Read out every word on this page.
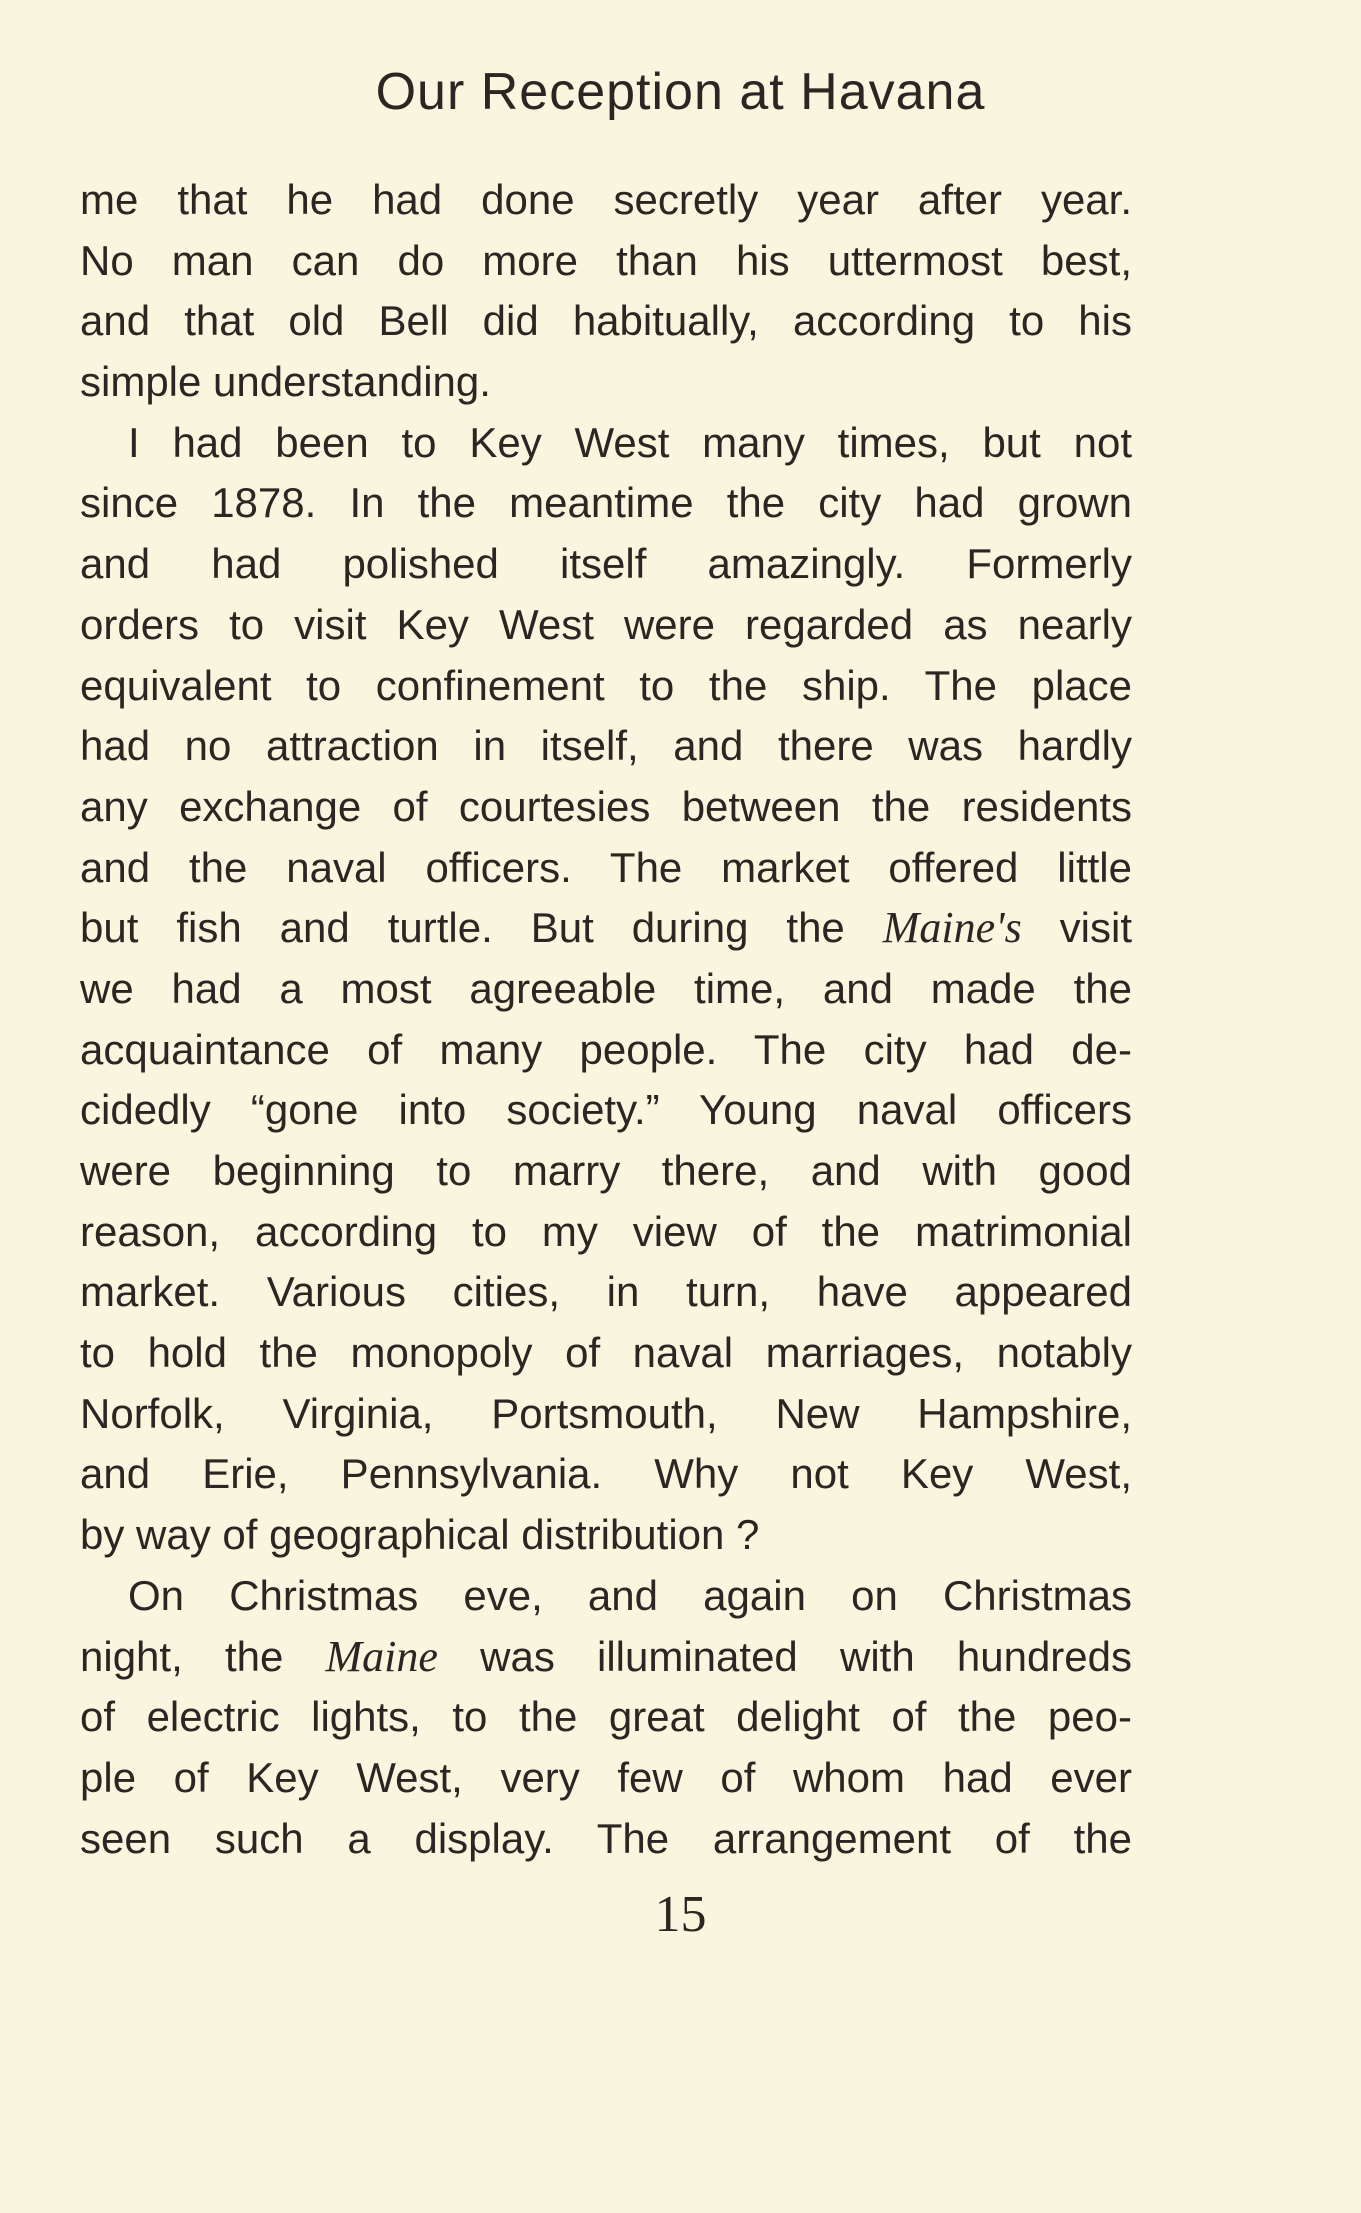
Our Reception at Havana
me that he had done secretly year after year.
No man can do more than his uttermost best,
and that old Bell did habitually, according to his
simple understanding.
I had been to Key West many times, but not
since 1878. In the meantime the city had grown
and had polished itself amazingly. Formerly
orders to visit Key West were regarded as nearly
equivalent to confinement to the ship. The place
had no attraction in itself, and there was hardly
any exchange of courtesies between the residents
and the naval officers. The market offered little
but fish and turtle. But during the Maine's visit
we had a most agreeable time, and made the
acquaintance of many people. The city had de-
cidedly “gone into society.” Young naval officers
were beginning to marry there, and with good
reason, according to my view of the matrimonial
market. Various cities, in turn, have appeared
to hold the monopoly of naval marriages, notably
Norfolk, Virginia, Portsmouth, New Hampshire,
and Erie, Pennsylvania. Why not Key West,
by way of geographical distribution ?
On Christmas eve, and again on Christmas
night, the Maine was illuminated with hundreds
of electric lights, to the great delight of the peo-
ple of Key West, very few of whom had ever
seen such a display. The arrangement of the
15
